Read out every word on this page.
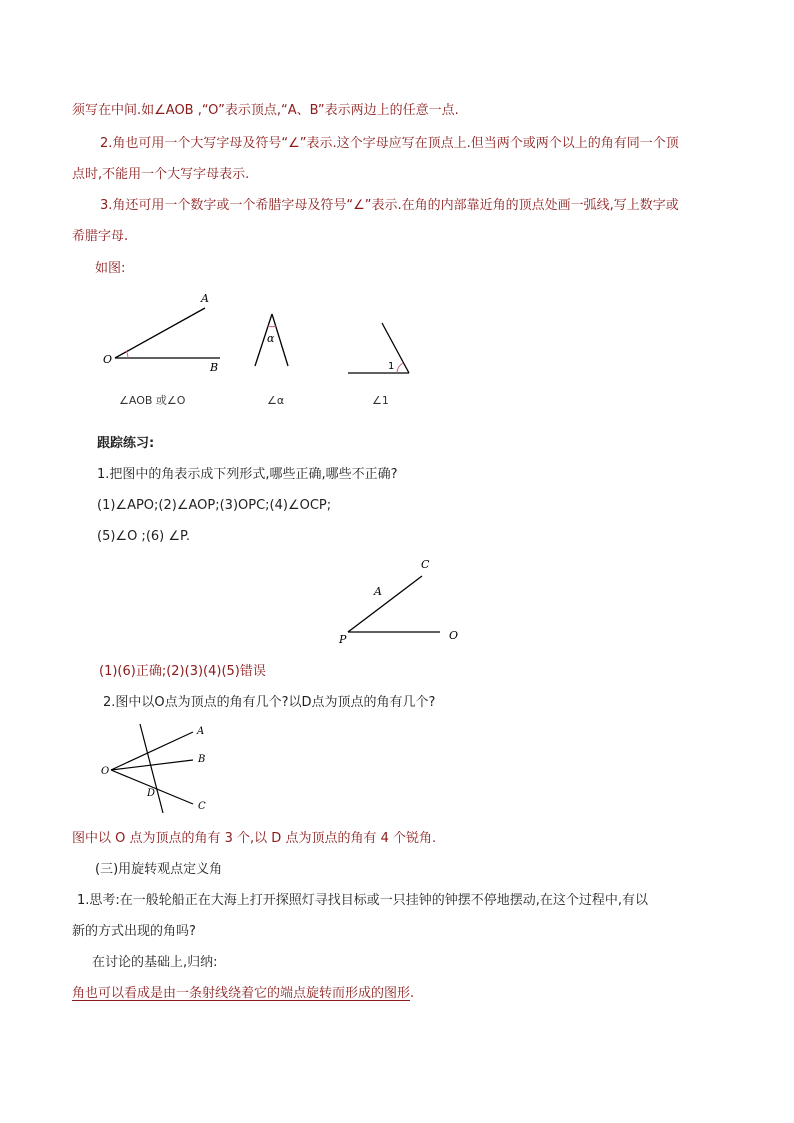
须写在中间.如∠AOB ,“O”表示顶点,“A、B”表示两边上的任意一点.
2.角也可用一个大写字母及符号“∠”表示.这个字母应写在顶点上.但当两个或两个以上的角有同一个顶
点时,不能用一个大写字母表示.
3.角还可用一个数字或一个希腊字母及符号“∠”表示.在角的内部靠近角的顶点处画一弧线,写上数字或
希腊字母.
如图:
A
O
B
∠AOB 或∠O
α
∠α
1
∠1
跟踪练习:
1.把图中的角表示成下列形式,哪些正确,哪些不正确?
(1)∠APO;(2)∠AOP;(3)OPC;(4)∠OCP;
(5)∠O ;(6) ∠P.
C
A
P	O
(1)(6)正确;(2)(3)(4)(5)错误
2.图中以O点为顶点的角有几个?以D点为顶点的角有几个?
A
B
O
D
C
图中以 O 点为顶点的角有 3 个,以 D 点为顶点的角有 4 个锐角.
(三)用旋转观点定义角
1.思考:在一般轮船正在大海上打开探照灯寻找目标或一只挂钟的钟摆不停地摆动,在这个过程中,有以
新的方式出现的角吗?
在讨论的基础上,归纳:
角也可以看成是由一条射线绕着它的端点旋转而形成的图形.
